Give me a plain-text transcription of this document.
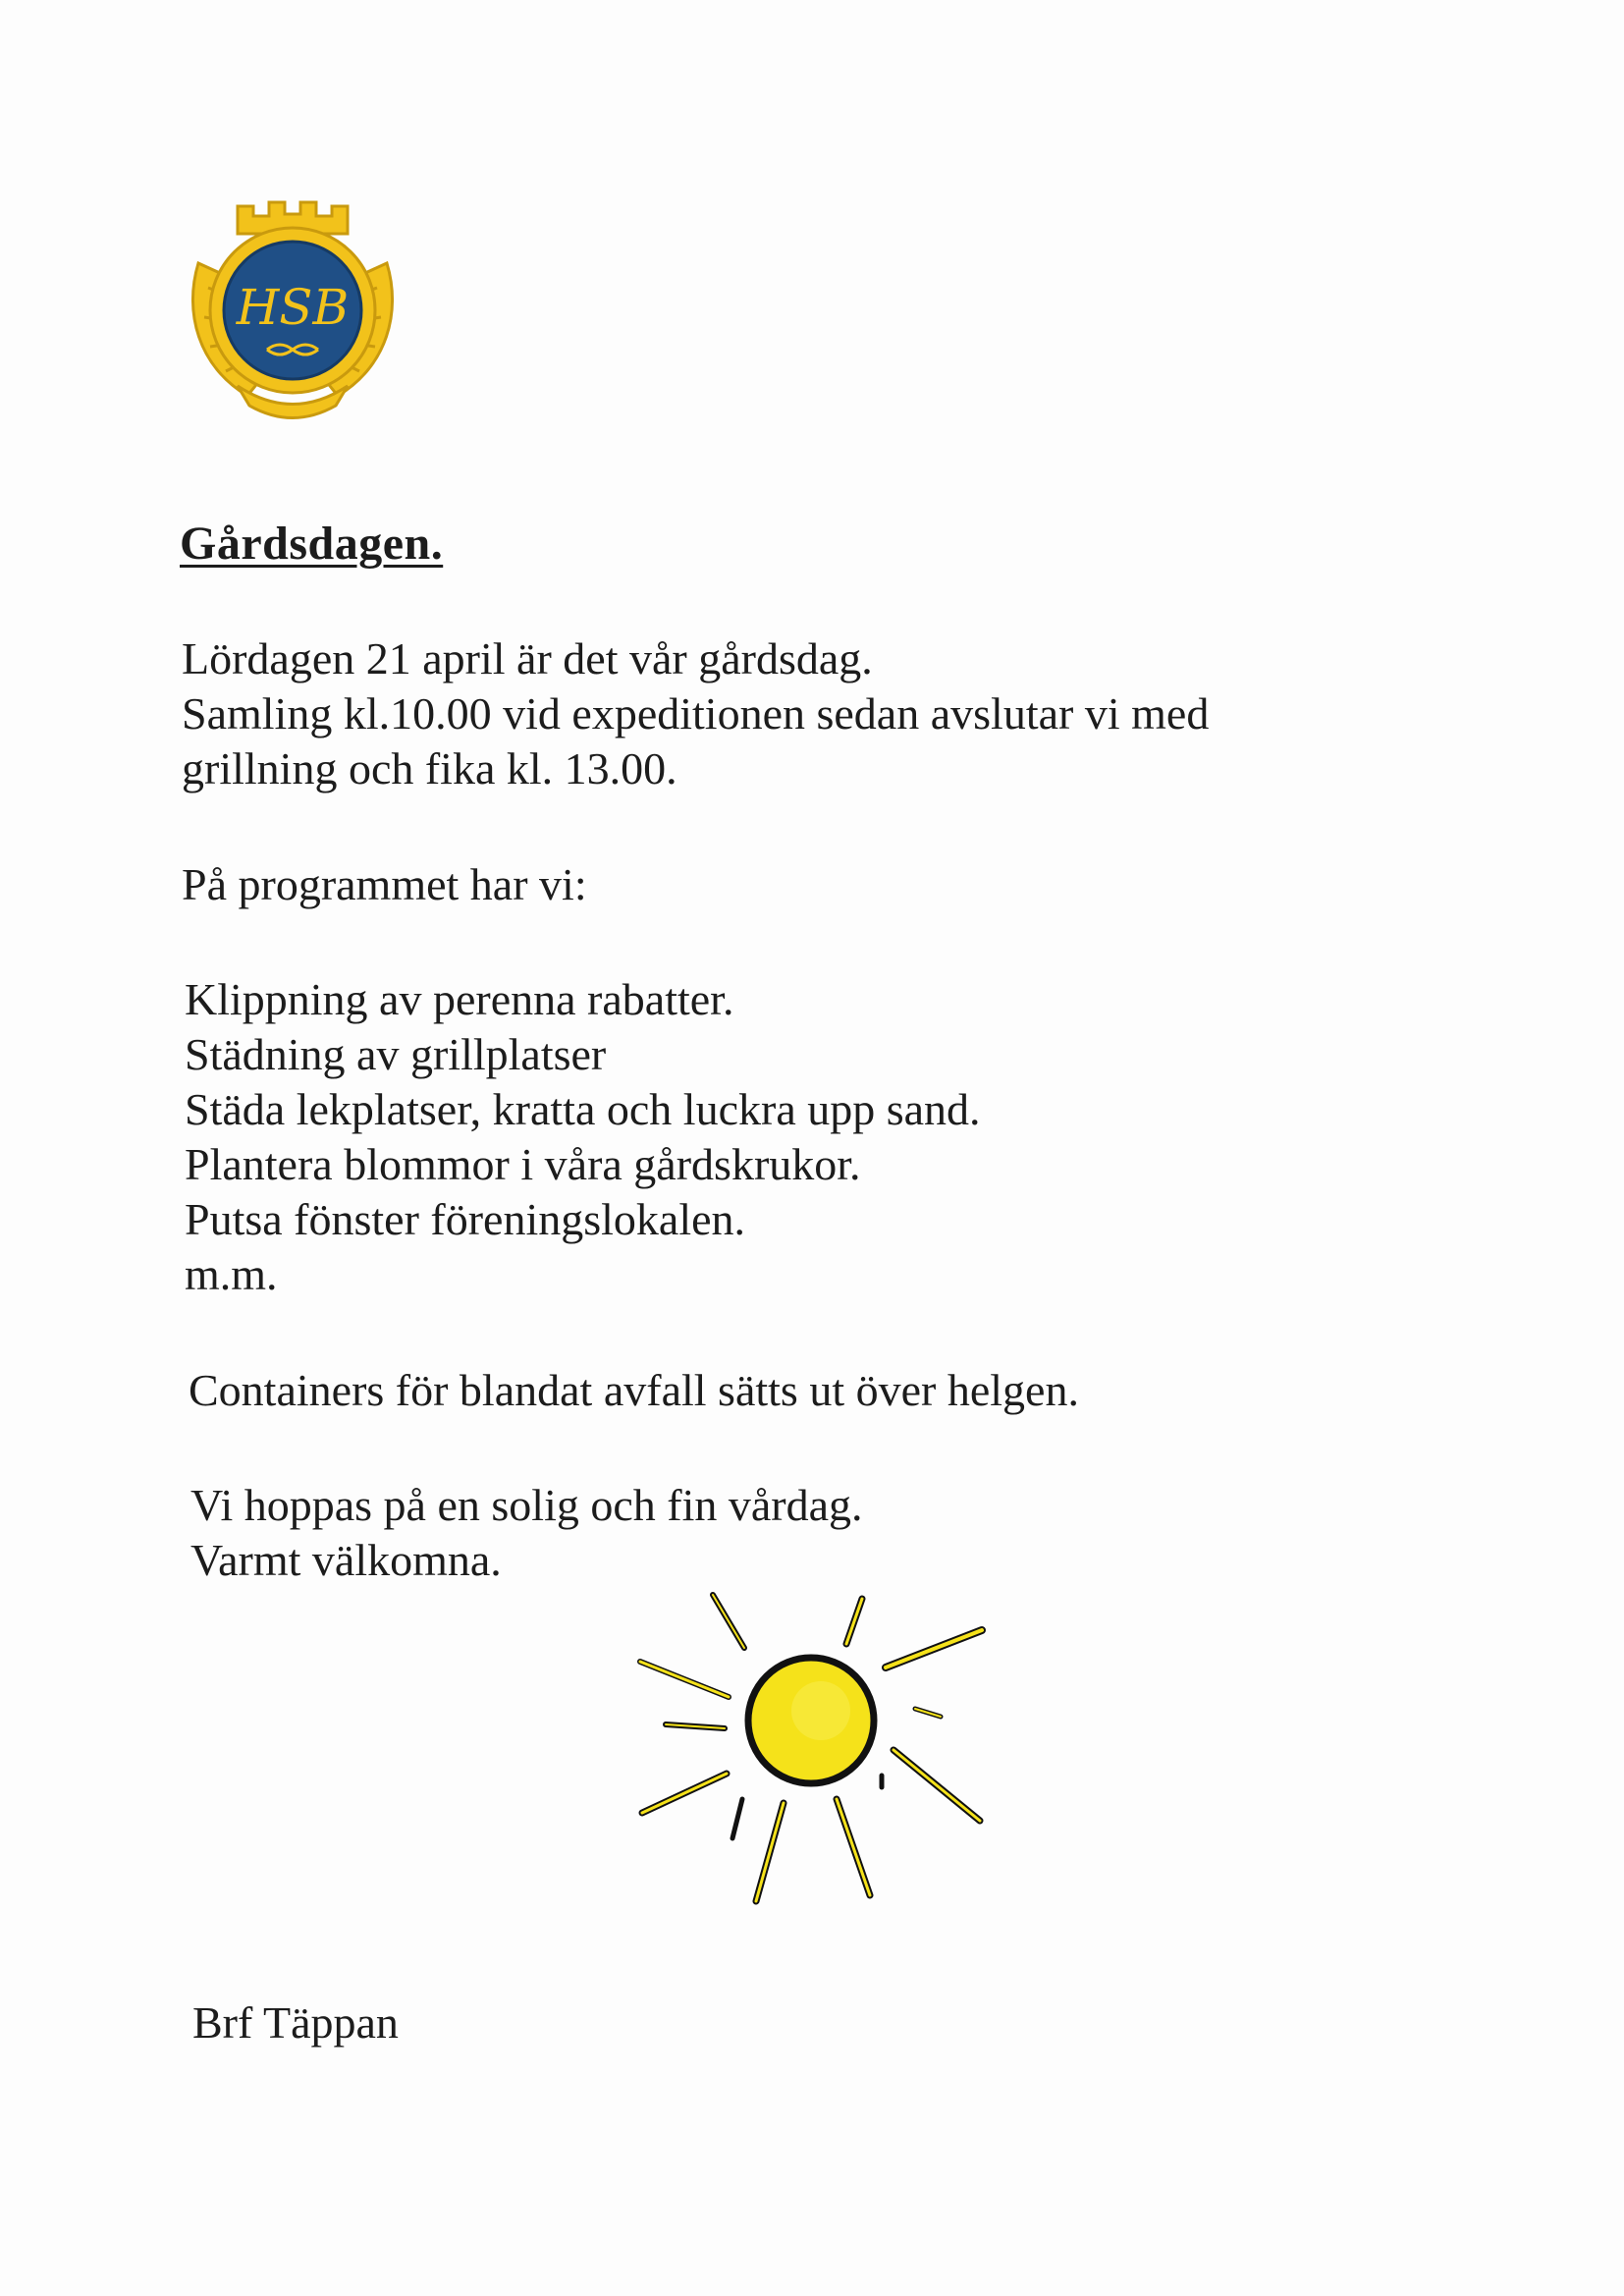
HSB
Gårdsdagen.
Lördagen 21 april är det vår gårdsdag.
Samling kl.10.00 vid expeditionen sedan avslutar vi med
grillning och fika kl. 13.00.
På programmet har vi:
Klippning av perenna rabatter.
Städning av grillplatser
Städa lekplatser, kratta och luckra upp sand.
Plantera blommor i våra gårdskrukor.
Putsa fönster föreningslokalen.
m.m.
Containers för blandat avfall sätts ut över helgen.
Vi hoppas på en solig och fin vårdag.
Varmt välkomna.
Brf Täppan
